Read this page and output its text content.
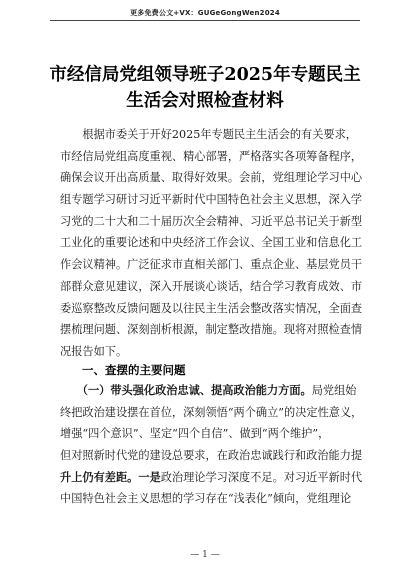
更多免费公文+VX：GUGeGongWen2024
市经信局党组领导班子2025年专题民主
生活会对照检查材料
　　根据市委关于开好2025年专题民主生活会的有关要求，
市经信局党组高度重视、精心部署，严格落实各项筹备程序，
确保会议开出高质量、取得好效果。会前，党组理论学习中心
组专题学习研讨习近平新时代中国特色社会主义思想，深入学
习党的二十大和二十届历次全会精神、习近平总书记关于新型
工业化的重要论述和中央经济工作会议、全国工业和信息化工
作会议精神。广泛征求市直相关部门、重点企业、基层党员干
部群众意见建议，深入开展谈心谈话，结合学习教育成效、市
委巡察整改反馈问题及以往民主生活会整改落实情况，全面查
摆梳理问题、深刻剖析根源，制定整改措施。现将对照检查情
况报告如下。
一、查摆的主要问题
　　（一）带头强化政治忠诚、提高政治能力方面。局党组始
终把政治建设摆在首位，深刻领悟“两个确立”的决定性意义，
增强“四个意识”、坚定“四个自信”、做到“两个维护”，
但对照新时代党的建设总要求，在政治忠诚践行和政治能力提
升上仍有差距。一是政治理论学习深度不足。对习近平新时代
中国特色社会主义思想的学习存在“浅表化”倾向，党组理论
— 1 —
